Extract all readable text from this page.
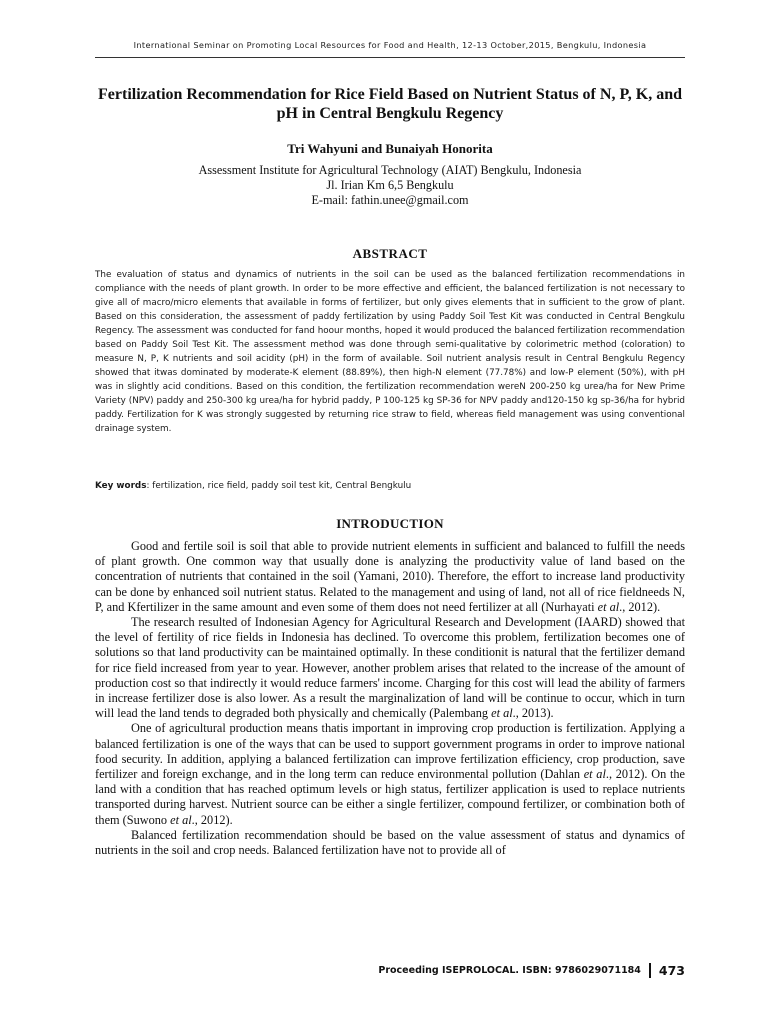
International Seminar on Promoting Local Resources for Food and Health, 12-13 October,2015, Bengkulu, Indonesia
Fertilization Recommendation for Rice Field Based on Nutrient Status of N, P, K, and pH in Central Bengkulu Regency
Tri Wahyuni and Bunaiyah Honorita
Assessment Institute for Agricultural Technology (AIAT) Bengkulu, Indonesia
Jl. Irian Km 6,5 Bengkulu
E-mail: fathin.unee@gmail.com
ABSTRACT
The evaluation of status and dynamics of nutrients in the soil can be used as the balanced fertilization recommendations in compliance with the needs of plant growth. In order to be more effective and efficient, the balanced fertilization is not necessary to give all of macro/micro elements that available in forms of fertilizer, but only gives elements that in sufficient to the grow of plant. Based on this consideration, the assessment of paddy fertilization by using Paddy Soil Test Kit was conducted in Central Bengkulu Regency. The assessment was conducted for fand hoour months, hoped it would produced the balanced fertilization recommendation based on Paddy Soil Test Kit. The assessment method was done through semi-qualitative by colorimetric method (coloration) to measure N, P, K nutrients and soil acidity (pH) in the form of available. Soil nutrient analysis result in Central Bengkulu Regency showed that itwas dominated by moderate-K element (88.89%), then high-N element (77.78%) and low-P element (50%), with pH was in slightly acid conditions. Based on this condition, the fertilization recommendation wereN 200-250 kg urea/ha for New Prime Variety (NPV) paddy and 250-300 kg urea/ha for hybrid paddy, P 100-125 kg SP-36 for NPV paddy and120-150 kg sp-36/ha for hybrid paddy. Fertilization for K was strongly suggested by returning rice straw to field, whereas field management was using conventional drainage system.
Key words: fertilization, rice field, paddy soil test kit, Central Bengkulu
INTRODUCTION

Good and fertile soil is soil that able to provide nutrient elements in sufficient and balanced to fulfill the needs of plant growth. One common way that usually done is analyzing the productivity value of land based on the concentration of nutrients that contained in the soil (Yamani, 2010). Therefore, the effort to increase land productivity can be done by enhanced soil nutrient status. Related to the management and using of land, not all of rice fieldneeds N, P, and Kfertilizer in the same amount and even some of them does not need fertilizer at all (Nurhayati et al., 2012).

The research resulted of Indonesian Agency for Agricultural Research and Development (IAARD) showed that the level of fertility of rice fields in Indonesia has declined. To overcome this problem, fertilization becomes one of solutions so that land productivity can be maintained optimally. In these conditionit is natural that the fertilizer demand for rice field increased from year to year. However, another problem arises that related to the increase of the amount of production cost so that indirectly it would reduce farmers' income. Charging for this cost will lead the ability of farmers in increase fertilizer dose is also lower. As a result the marginalization of land will be continue to occur, which in turn will lead the land tends to degraded both physically and chemically (Palembang et al., 2013).

One of agricultural production means thatis important in improving crop production is fertilization. Applying a balanced fertilization is one of the ways that can be used to support government programs in order to improve national food security. In addition, applying a balanced fertilization can improve fertilization efficiency, crop production, save fertilizer and foreign exchange, and in the long term can reduce environmental pollution (Dahlan et al., 2012). On the land with a condition that has reached optimum levels or high status, fertilizer application is used to replace nutrients transported during harvest. Nutrient source can be either a single fertilizer, compound fertilizer, or combination both of them (Suwono et al., 2012).

Balanced fertilization recommendation should be based on the value assessment of status and dynamics of nutrients in the soil and crop needs. Balanced fertilization have not to provide all of

Proceeding ISEPROLOCAL. ISBN: 9786029071184 473
